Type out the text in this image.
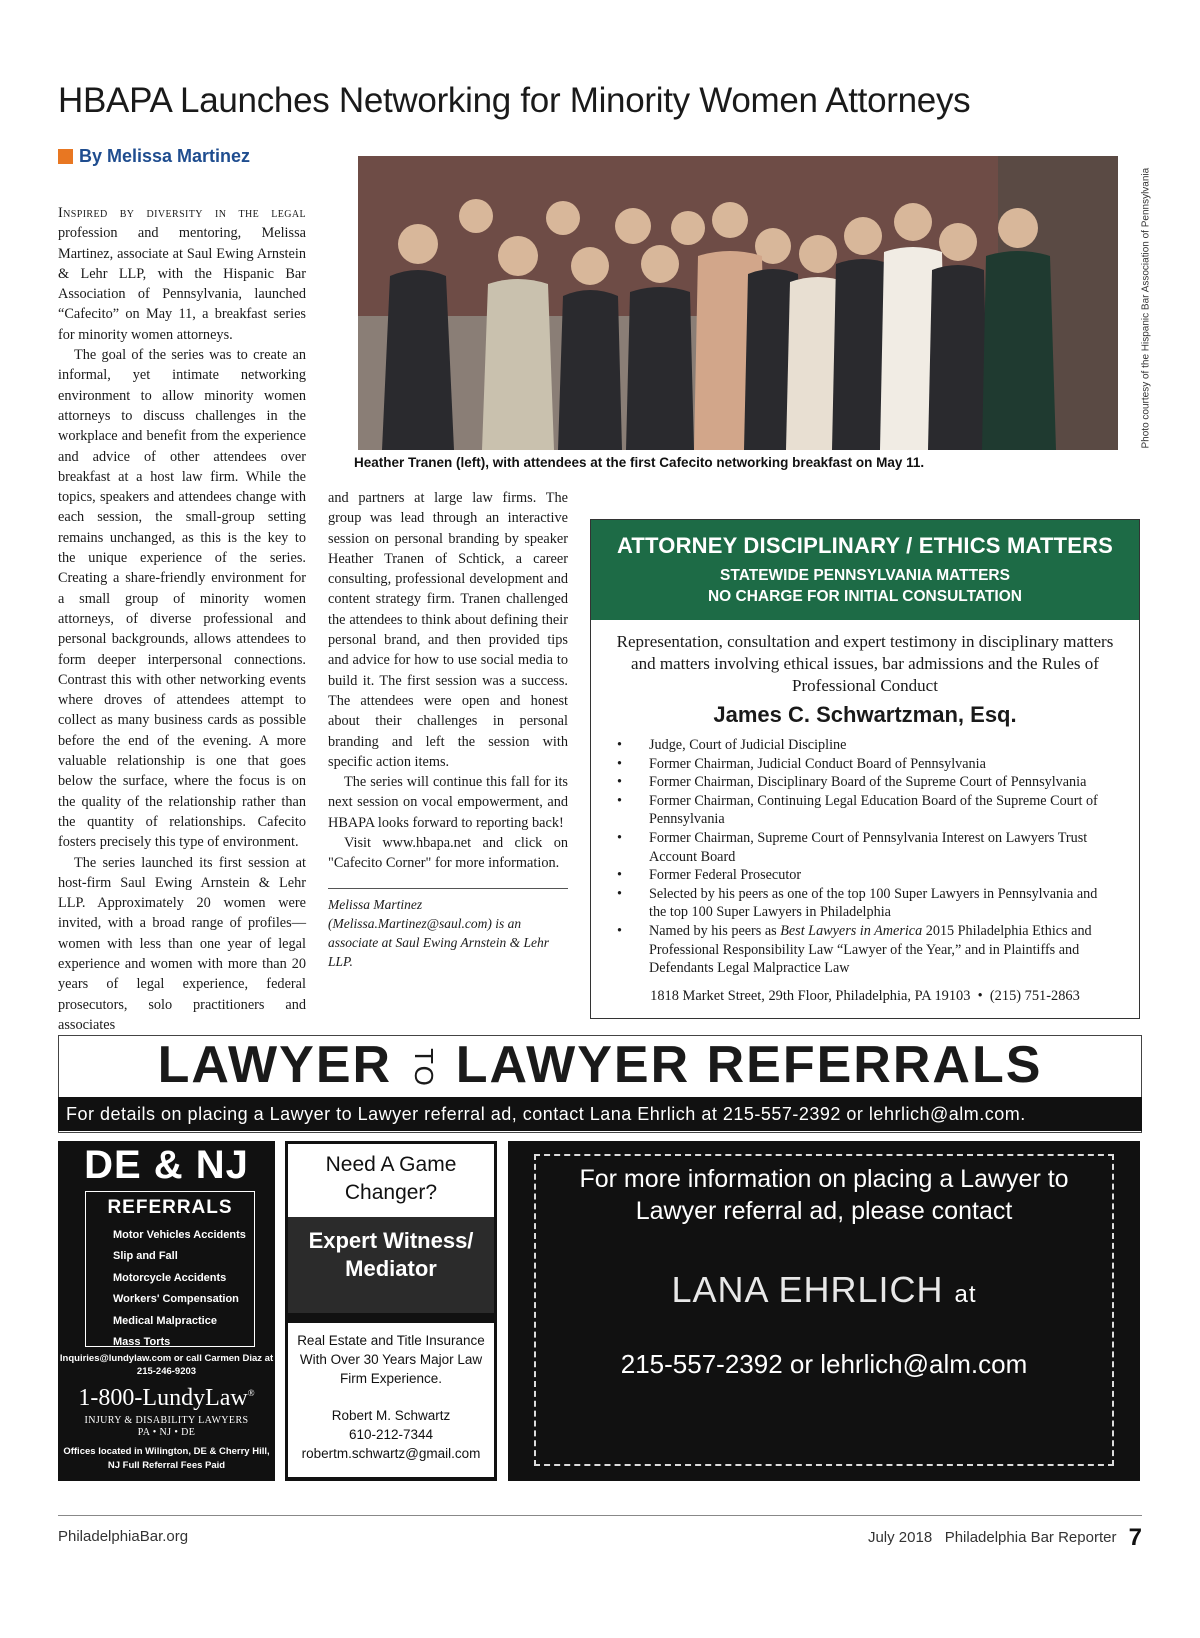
HBAPA Launches Networking for Minority Women Attorneys
By Melissa Martinez
Photo courtesy of the Hispanic Bar Association of Pennsylvania
Heather Tranen (left), with attendees at the first Cafecito networking breakfast on May 11.

Inspired by diversity in the legal profession and mentoring, Melissa Martinez, associate at Saul Ewing Arnstein & Lehr LLP, with the Hispanic Bar Association of Pennsylvania, launched “Cafecito” on May 11, a breakfast series for minority women attorneys.

The goal of the series was to create an informal, yet intimate networking environment to allow minority women attorneys to discuss challenges in the workplace and benefit from the experience and advice of other attendees over breakfast at a host law firm. While the topics, speakers and attendees change with each session, the small-group setting remains unchanged, as this is the key to the unique experience of the series. Creating a share-friendly environment for a small group of minority women attorneys, of diverse professional and personal backgrounds, allows attendees to form deeper interpersonal connections. Contrast this with other networking events where droves of attendees attempt to collect as many business cards as possible before the end of the evening. A more valuable relationship is one that goes below the surface, where the focus is on the quality of the relationship rather than the quantity of relationships. Cafecito fosters precisely this type of environment.

The series launched its first session at host-firm Saul Ewing Arnstein & Lehr LLP. Approximately 20 women were invited, with a broad range of profiles—women with less than one year of legal experience and women with more than 20 years of legal experience, federal prosecutors, solo practitioners and associates

and partners at large law firms. The group was lead through an interactive session on personal branding by speaker Heather Tranen of Schtick, a career consulting, professional development and content strategy firm. Tranen challenged the attendees to think about defining their personal brand, and then provided tips and advice for how to use social media to build it. The first session was a success. The attendees were open and honest about their challenges in personal branding and left the session with specific action items.

The series will continue this fall for its next session on vocal empowerment, and HBAPA looks forward to reporting back!

Visit www.hbapa.net and click on "Cafecito Corner" for more information.

Melissa Martinez (Melissa.Martinez@saul.com) is an associate at Saul Ewing Arnstein & Lehr LLP.

ATTORNEY DISCIPLINARY / ETHICS MATTERS
STATEWIDE PENNSYLVANIA MATTERS
NO CHARGE FOR INITIAL CONSULTATION
Representation, consultation and expert testimony in disciplinary matters and matters involving ethical issues, bar admissions and the Rules of Professional Conduct
James C. Schwartzman, Esq.
• Judge, Court of Judicial Discipline
• Former Chairman, Judicial Conduct Board of Pennsylvania
• Former Chairman, Disciplinary Board of the Supreme Court of Pennsylvania
• Former Chairman, Continuing Legal Education Board of the Supreme Court of Pennsylvania
• Former Chairman, Supreme Court of Pennsylvania Interest on Lawyers Trust Account Board
• Former Federal Prosecutor
• Selected by his peers as one of the top 100 Super Lawyers in Pennsylvania and the top 100 Super Lawyers in Philadelphia
• Named by his peers as Best Lawyers in America 2015 Philadelphia Ethics and Professional Responsibility Law “Lawyer of the Year,” and in Plaintiffs and Defendants Legal Malpractice Law
1818 Market Street, 29th Floor, Philadelphia, PA 19103  •  (215) 751-2863
LAWYER TO LAWYER REFERRALS
For details on placing a Lawyer to Lawyer referral ad, contact Lana Ehrlich at 215-557-2392 or lehrlich@alm.com.
DE & NJ
REFERRALS
Motor Vehicles Accidents
Slip and Fall
Motorcycle Accidents
Workers' Compensation
Medical Malpractice
Mass Torts
Inquiries@lundylaw.com or call Carmen Diaz at 215-246-9203
1-800-LundyLaw®
INJURY & DISABILITY LAWYERS
PA • NJ • DE
Offices located in Wilington, DE & Cherry Hill, NJ Full Referral Fees Paid
Need A Game Changer?
Expert Witness/ Mediator
Real Estate and Title Insurance With Over 30 Years Major Law Firm Experience.
Robert M. Schwartz
610-212-7344
robertm.schwartz@gmail.com
For more information on placing a Lawyer to Lawyer referral ad, please contact
LANA EHRLICH at
215-557-2392 or lehrlich@alm.com
PhiladelphiaBar.org	July 2018 Philadelphia Bar Reporter 7
